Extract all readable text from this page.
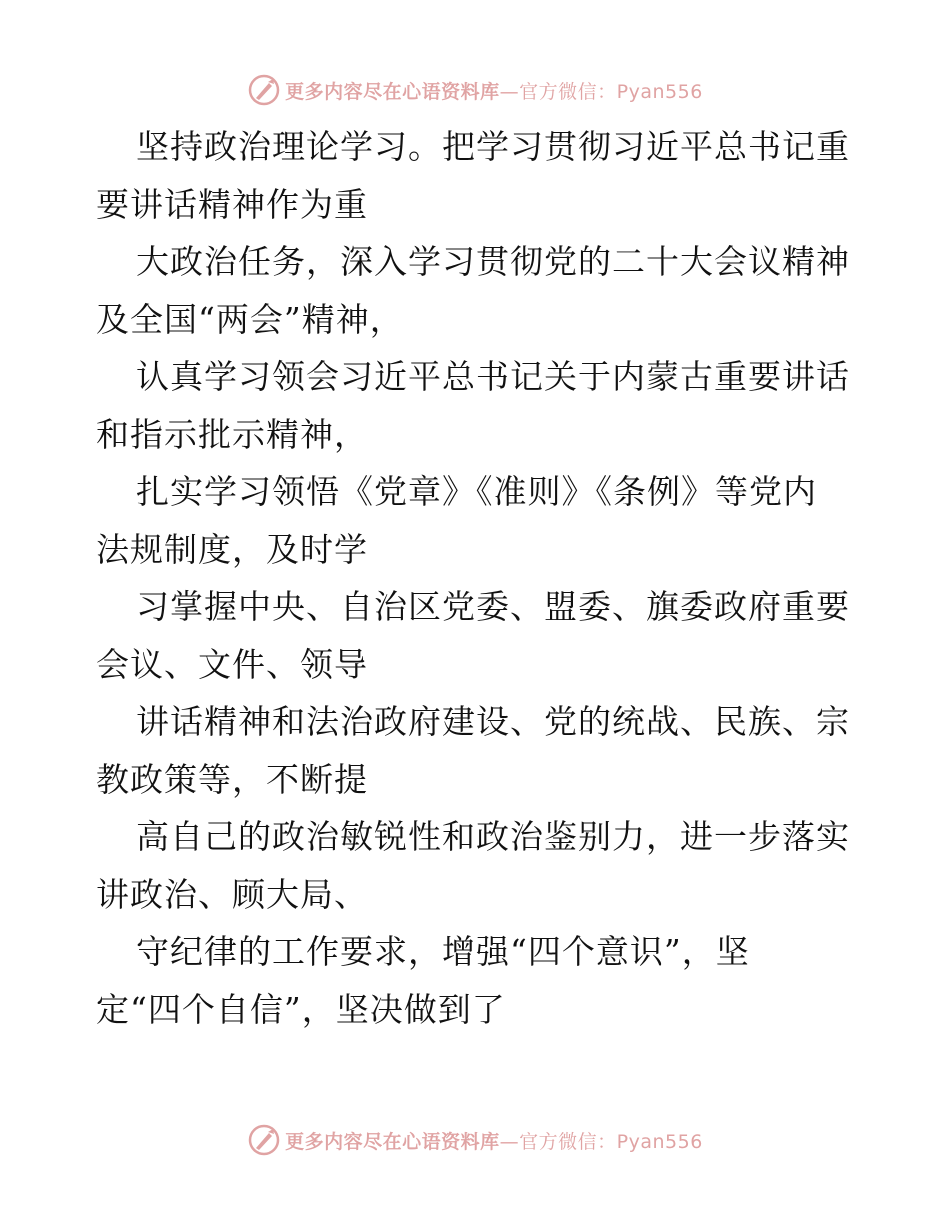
更多内容尽在心语资料库—官方微信：Pyan556
坚持政治理论学习。把学习贯彻习近平总书记重
要讲话精神作为重
大政治任务，深入学习贯彻党的二十大会议精神
及全国“两会”精神，
认真学习领会习近平总书记关于内蒙古重要讲话
和指示批示精神，
扎实学习领悟《党章》《准则》《条例》等党内
法规制度，及时学
习掌握中央、自治区党委、盟委、旗委政府重要
会议、文件、领导
讲话精神和法治政府建设、党的统战、民族、宗
教政策等，不断提
高自己的政治敏锐性和政治鉴别力，进一步落实
讲政治、顾大局、
守纪律的工作要求，增强“四个意识”，坚
定“四个自信”，坚决做到了
更多内容尽在心语资料库—官方微信：Pyan556
